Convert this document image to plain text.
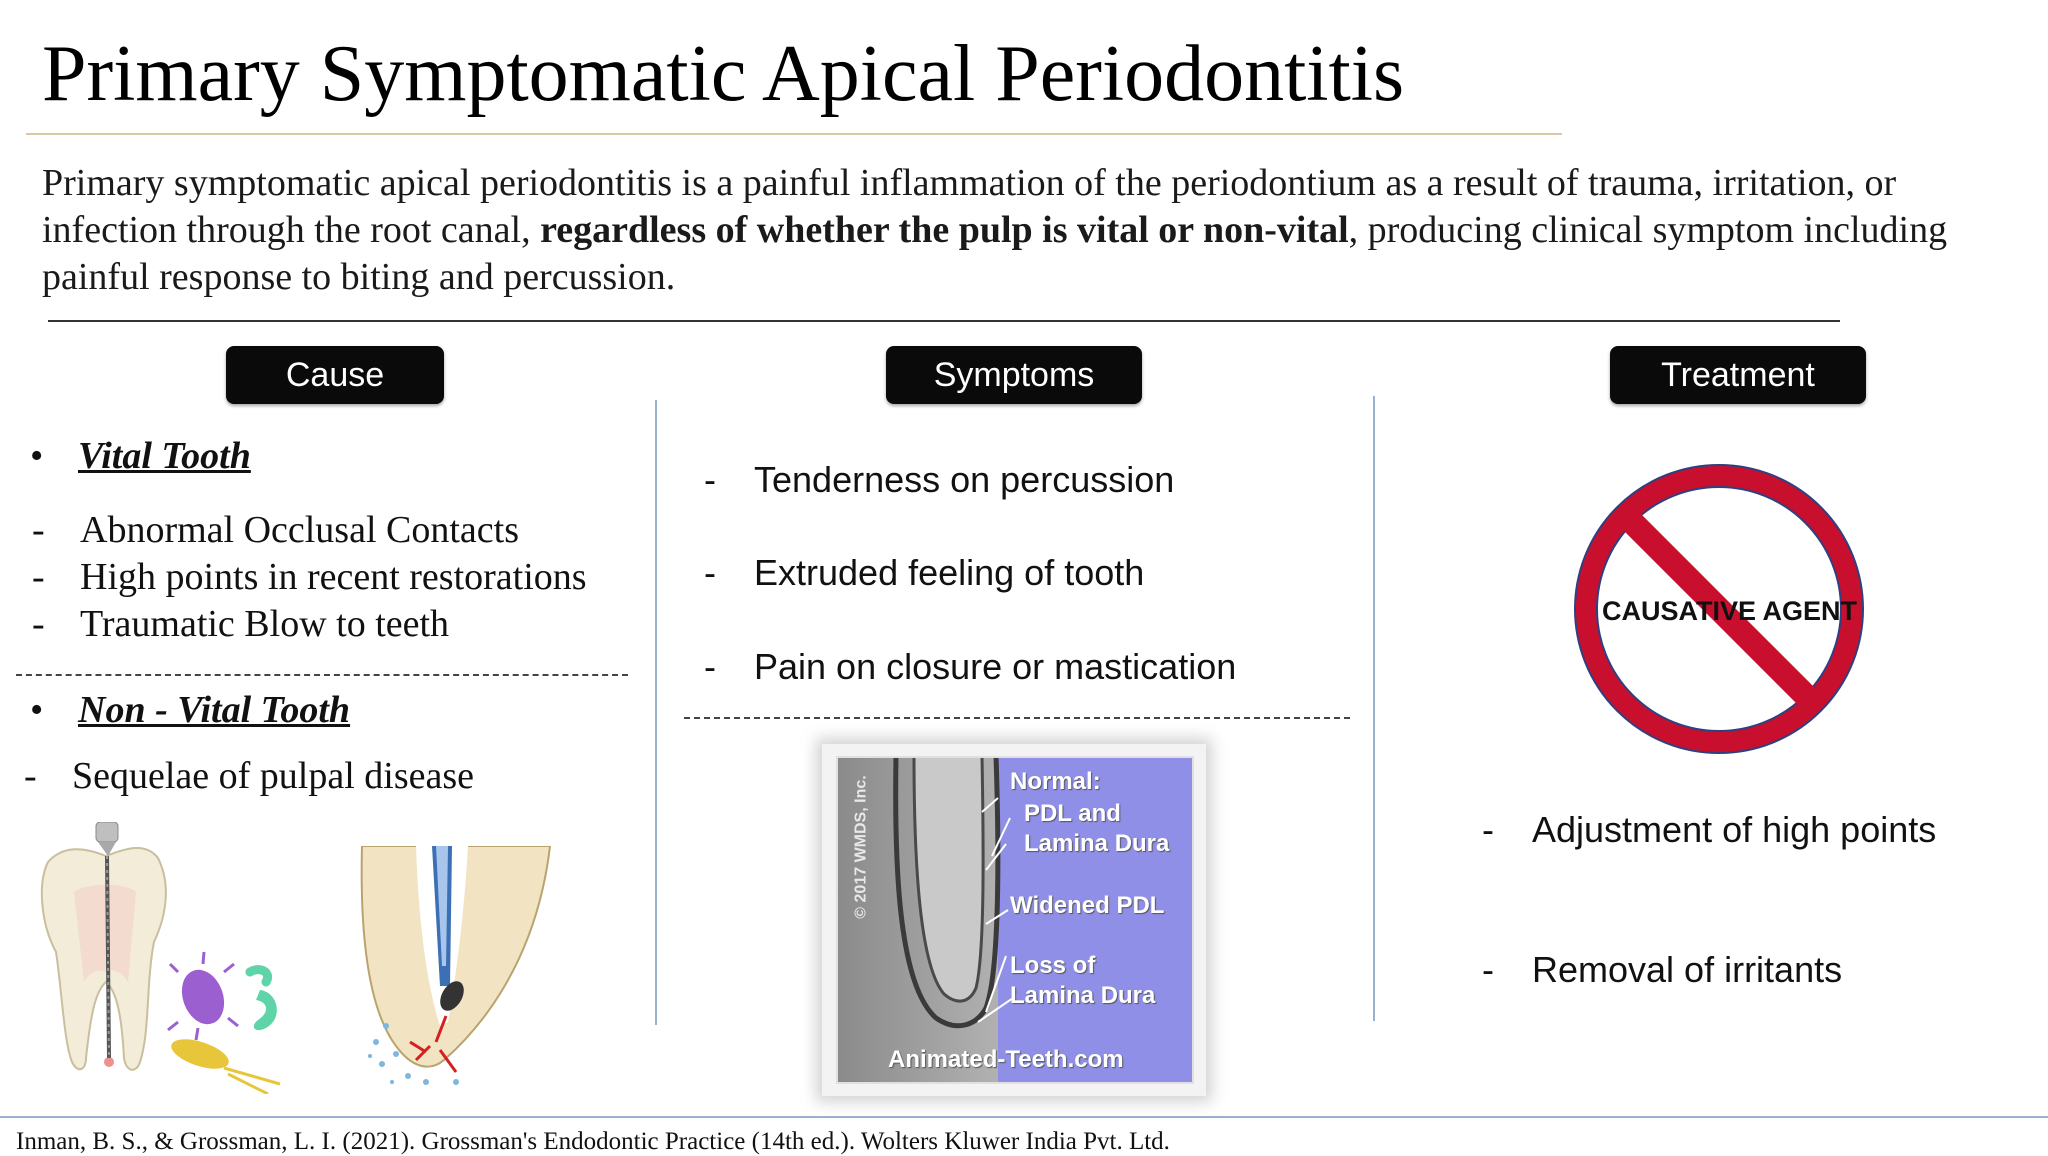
Primary Symptomatic Apical Periodontitis
Primary symptomatic apical periodontitis is a painful inflammation of the periodontium as a result of trauma, irritation, or infection through the root canal, regardless of whether the pulp is vital or non-vital, producing clinical symptom including painful response to biting and percussion.
Cause	Symptoms	Treatment
• Vital Tooth
- Abnormal Occlusal Contacts
- High points in recent restorations
- Traumatic Blow to teeth
• Non - Vital Tooth
- Sequelae of pulpal disease
- Tenderness on percussion
- Extruded feeling of tooth
- Pain on closure or mastication
Normal:
PDL and
Lamina Dura
Widened PDL
Loss of
Lamina Dura
Animated-Teeth.com
© 2017 WMDS, Inc.
CAUSATIVE AGENT
- Adjustment of high points
- Removal of irritants
Inman, B. S., & Grossman, L. I. (2021). Grossman's Endodontic Practice (14th ed.). Wolters Kluwer India Pvt. Ltd.
